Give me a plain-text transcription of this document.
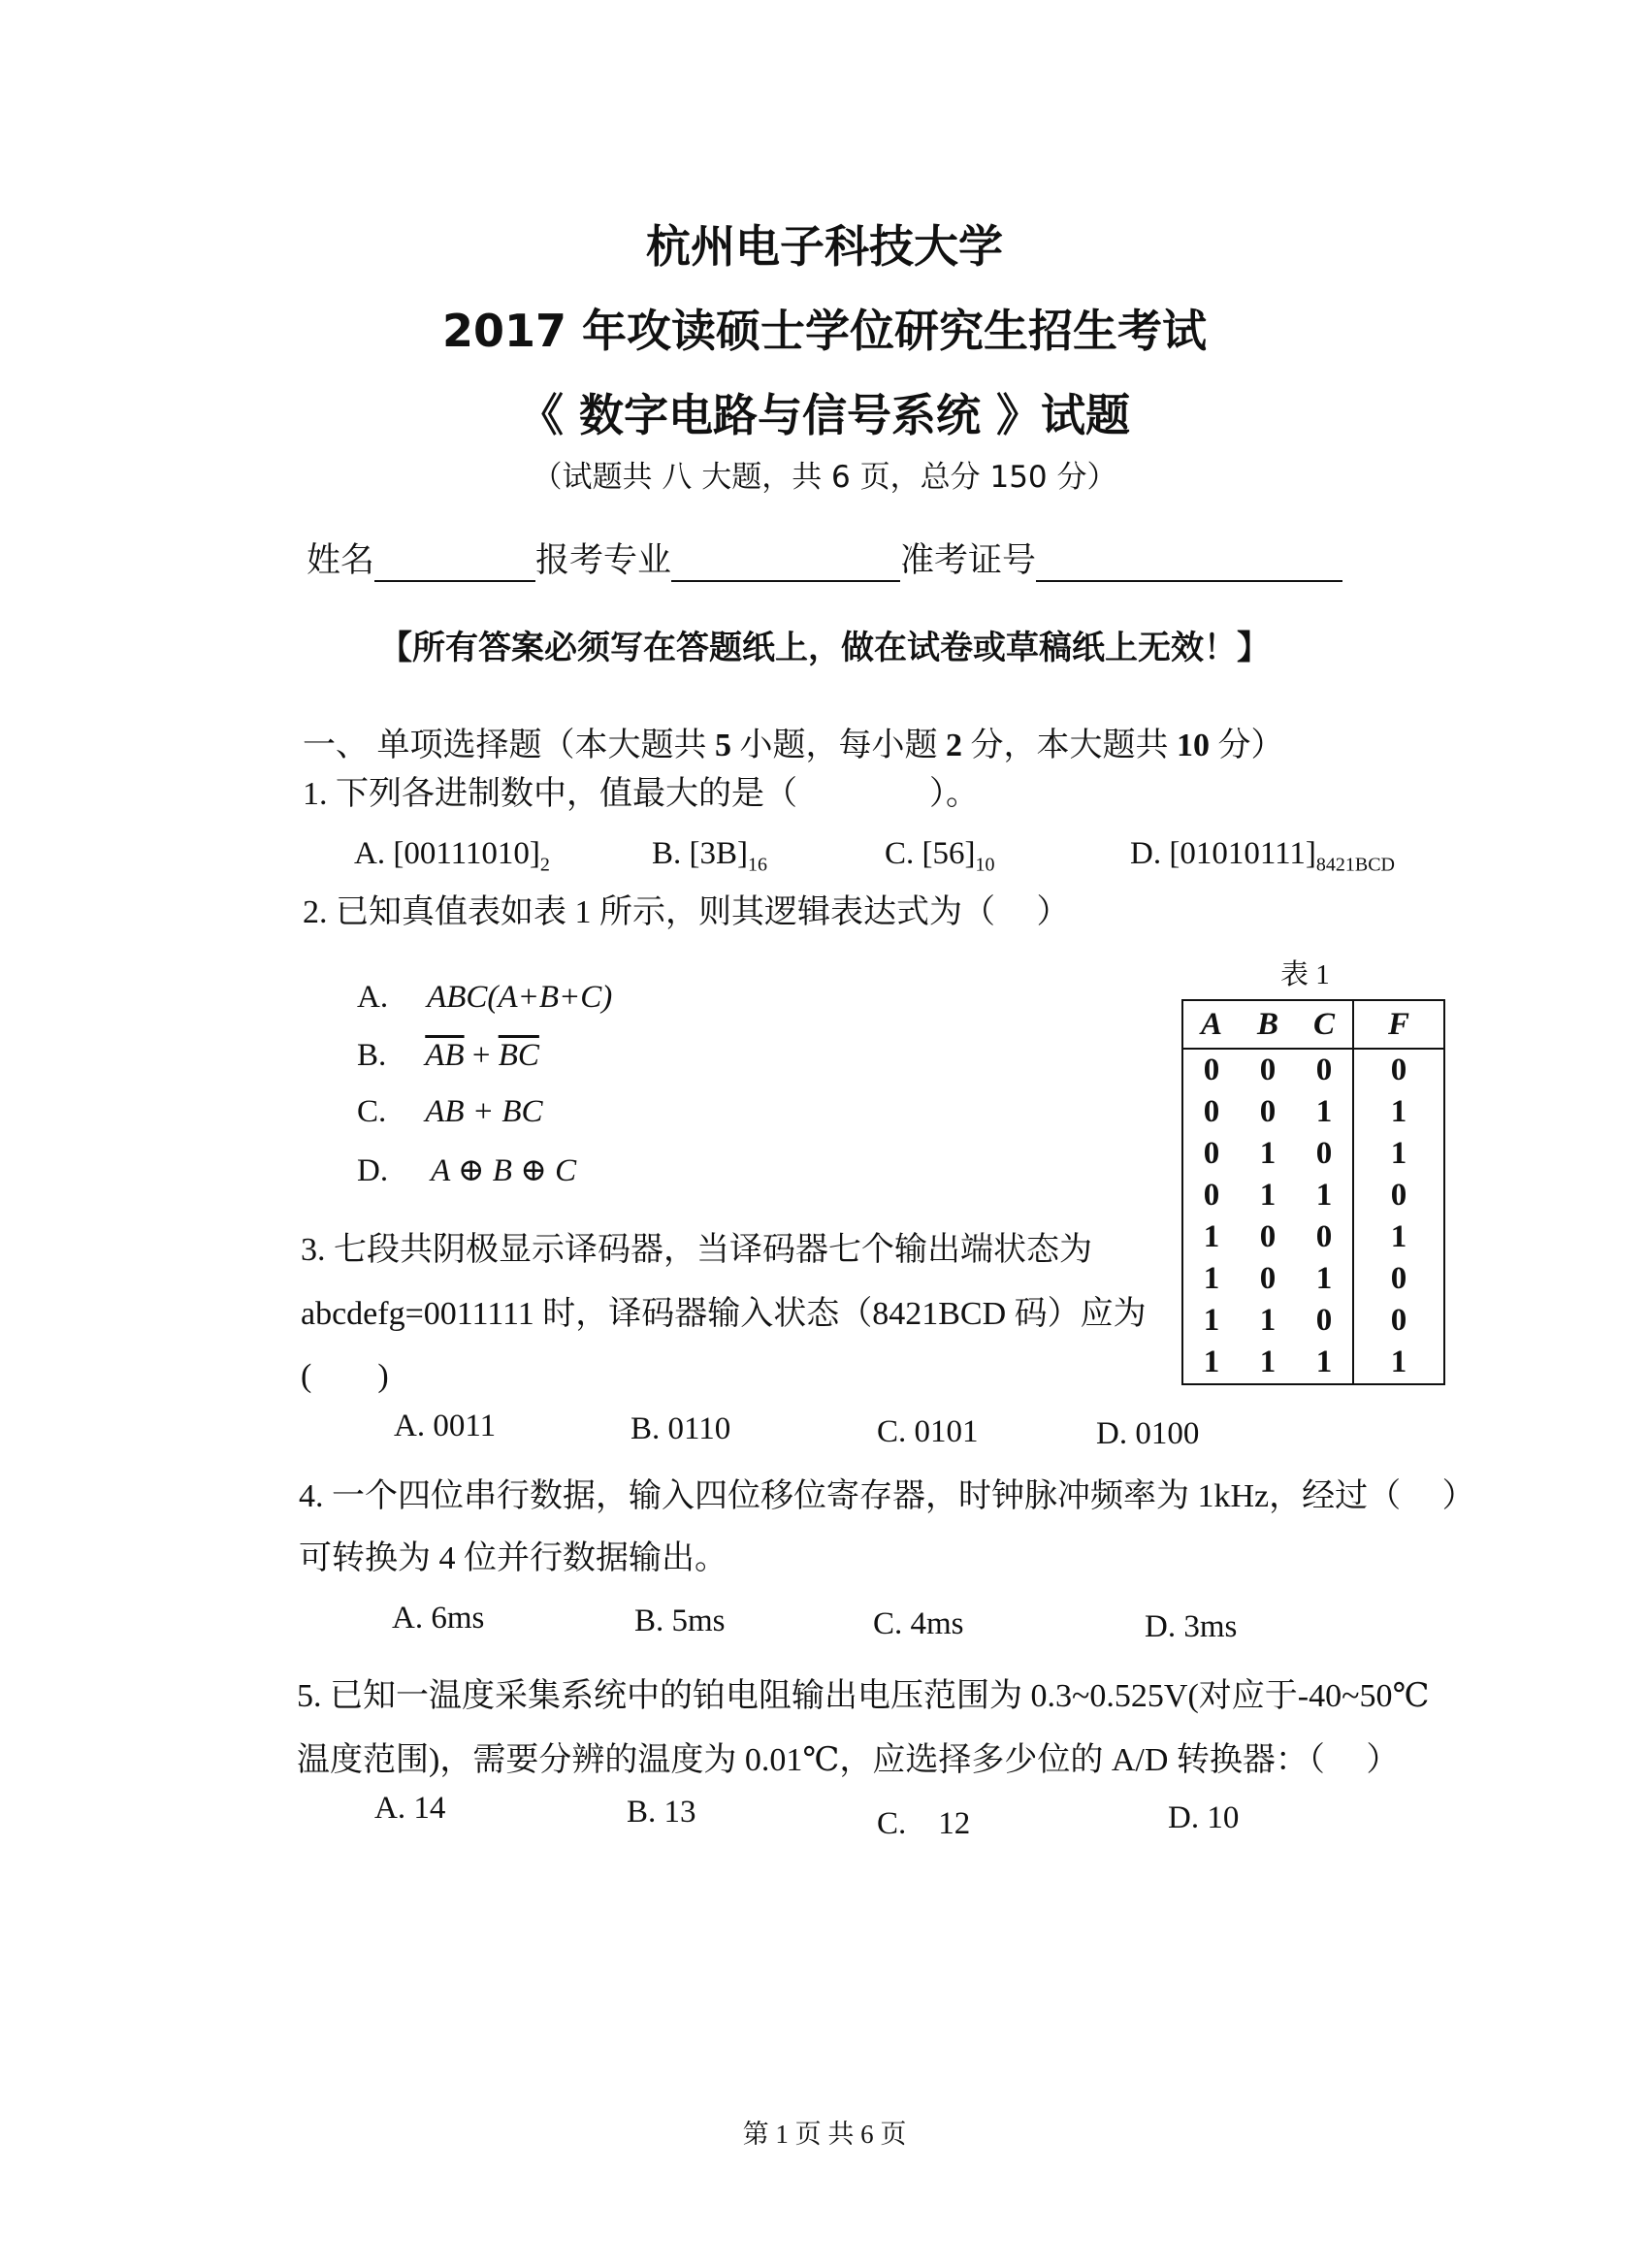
杭州电子科技大学
2017 年攻读硕士学位研究生招生考试
《 数字电路与信号系统 》试题
（试题共 八 大题，共 6 页，总分 150 分）
姓名	报考专业	准考证号
【所有答案必须写在答题纸上，做在试卷或草稿纸上无效！】
一、 单项选择题（本大题共 5 小题，每小题 2 分，本大题共 10 分）
1. 下列各进制数中，值最大的是（　　　　）。
A. $[00111010]_2$	B. $[3B]_{16}$	C. $[56]_{10}$	D. $[01010111]_{8421BCD}$
2. 已知真值表如表 1 所示，则其逻辑表达式为（　 ）
A. ABC(A+B+C)
B. $\overline{AB} + \overline{BC}$
C. AB + BC
D. A ⊕ B ⊕ C
表 1
A	B	C	F
0	0	0	0
0	0	1	1
0	1	0	1
0	1	1	0
1	0	0	1
1	0	1	0
1	1	0	0
1	1	1	1
3. 七段共阴极显示译码器，当译码器七个输出端状态为
abcdefg=0011111 时，译码器输入状态（8421BCD 码）应为
(　　)
A. 0011	B. 0110	C. 0101	D. 0100
4. 一个四位串行数据，输入四位移位寄存器，时钟脉冲频率为 1kHz，经过（　 ）
可转换为 4 位并行数据输出。
A. 6ms	B. 5ms	C. 4ms	D. 3ms
5. 已知一温度采集系统中的铂电阻输出电压范围为 0.3~0.525V(对应于-40~50℃
温度范围)，需要分辨的温度为 0.01℃，应选择多少位的 A/D 转换器：（　 ）
A. 14	B. 13	C.　12	D. 10
第 1 页 共 6 页
